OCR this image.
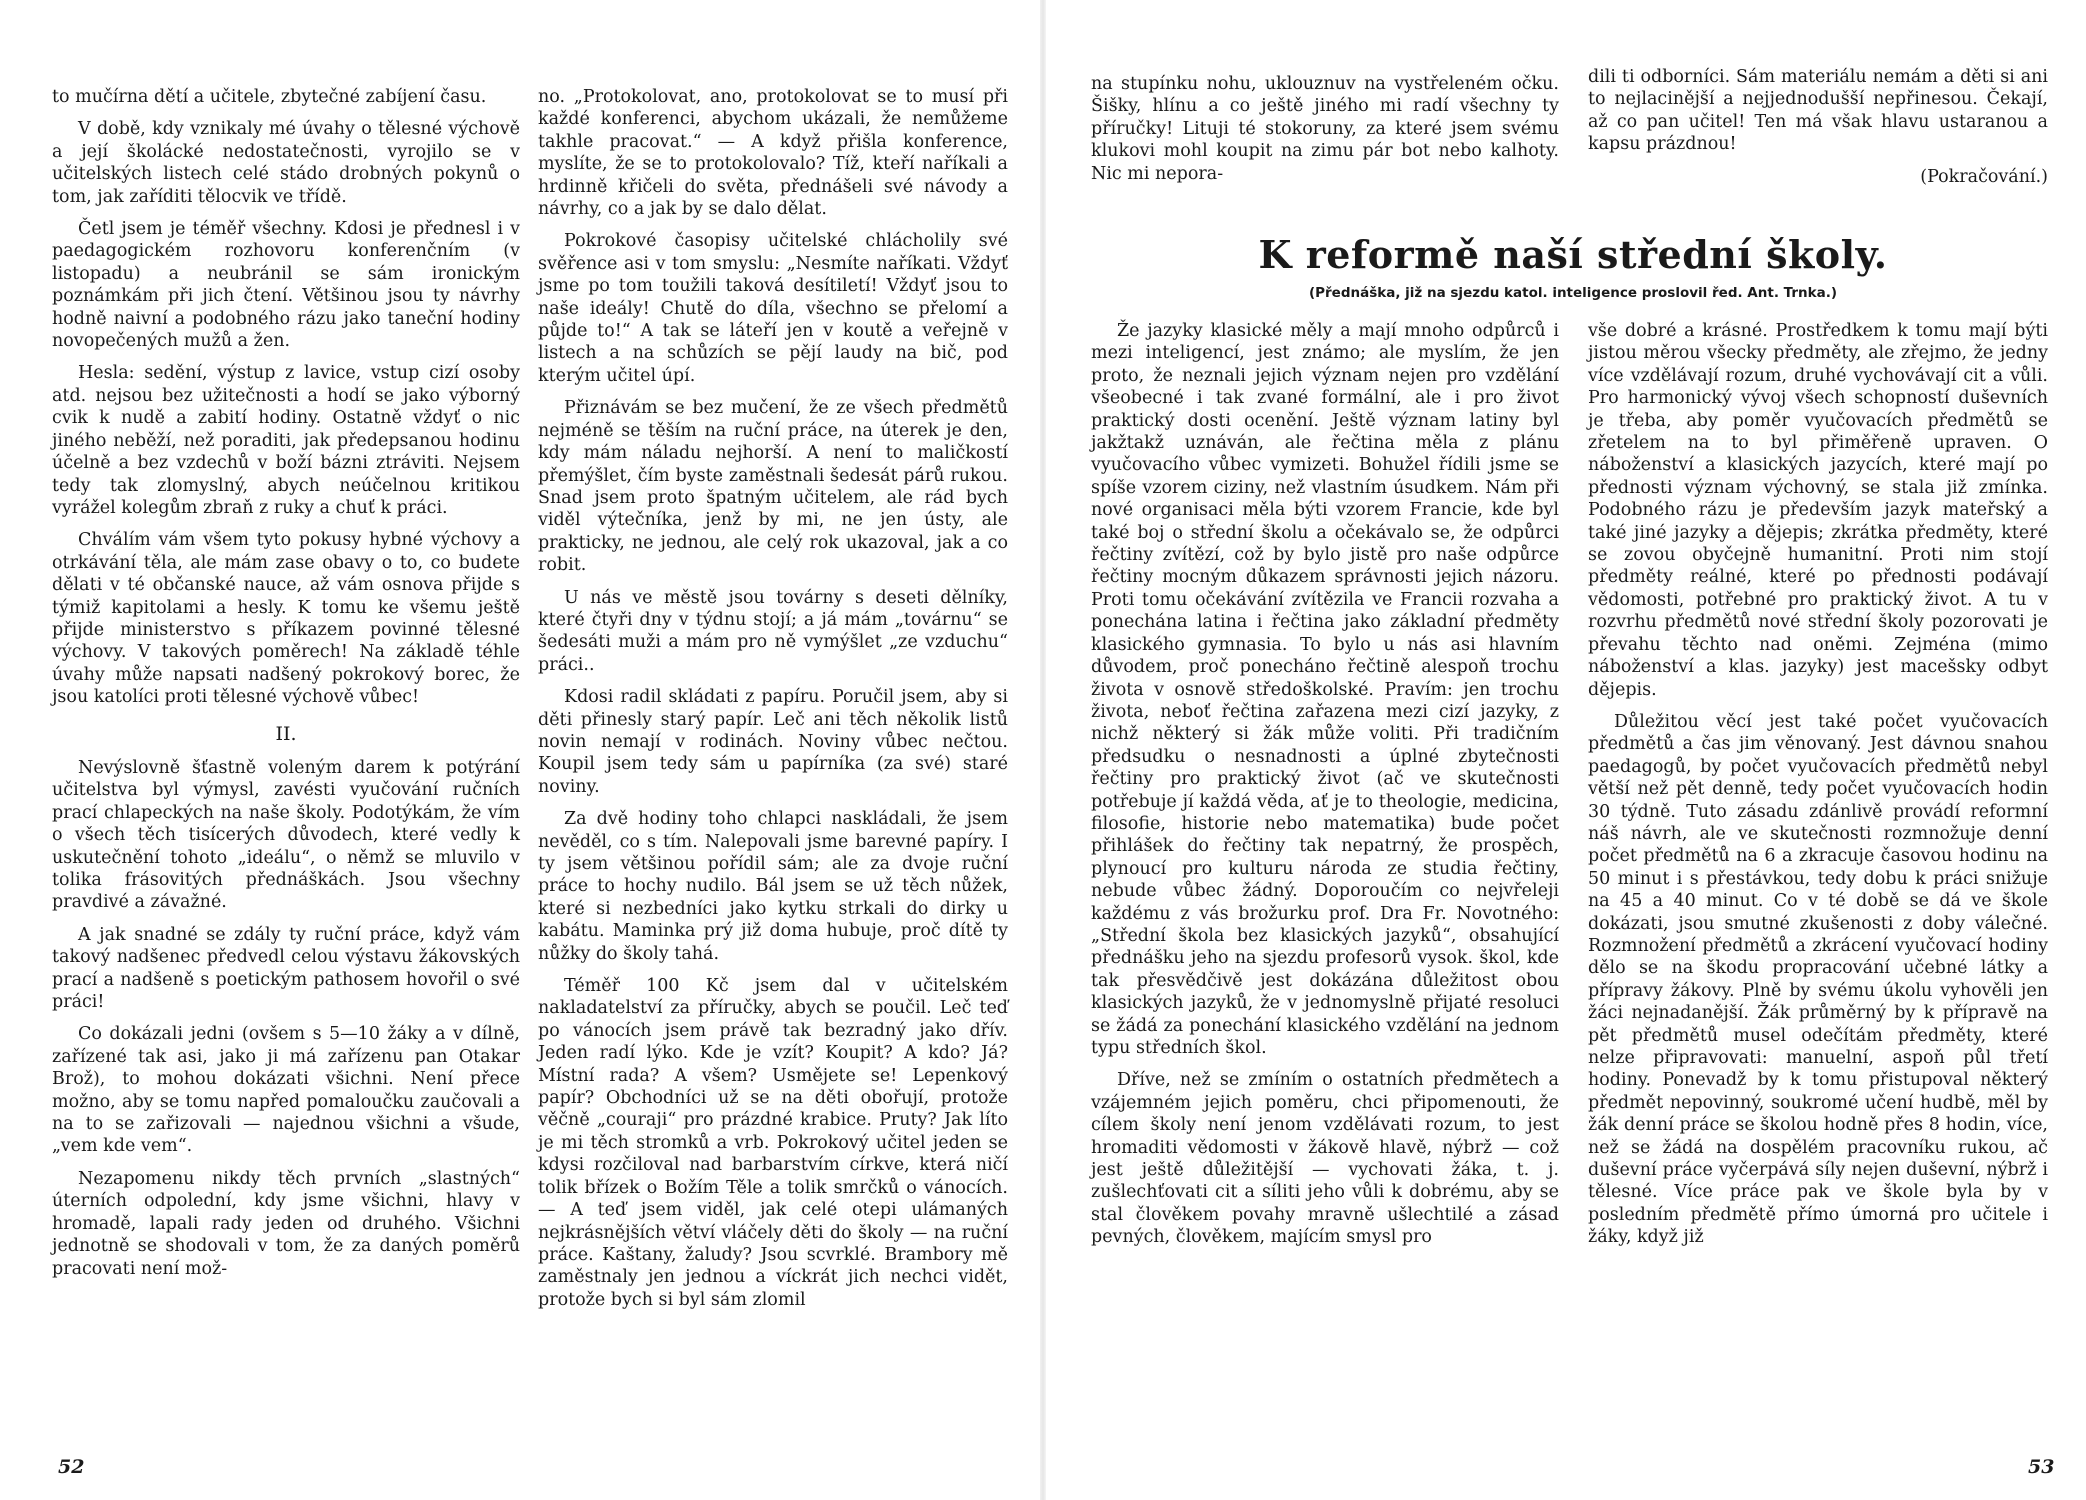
to mučírna dětí a učitele, zbytečné zabíjení času.

V době, kdy vznikaly mé úvahy o tělesné výchově a její školácké nedostatečnosti, vyrojilo se v učitelských listech celé stádo drobných pokynů o tom, jak zaříditi tělocvik ve třídě.

Četl jsem je téměř všechny. Kdosi je přednesl i v paedagogickém rozhovoru konferenčním (v listopadu) a neubránil se sám ironickým poznámkám při jich čtení. Většinou jsou ty návrhy hodně naivní a podobného rázu jako taneční hodiny novopečených mužů a žen.

Hesla: sedění, výstup z lavice, vstup cizí osoby atd. nejsou bez užitečnosti a hodí se jako výborný cvik k nudě a zabití hodiny. Ostatně vždyť o nic jiného neběží, než poraditi, jak předepsanou hodinu účelně a bez vzdechů v boží bázni ztráviti. Nejsem tedy tak zlomyslný, abych neúčelnou kritikou vyrážel kolegům zbraň z ruky a chuť k práci.

Chválím vám všem tyto pokusy hybné výchovy a otrkávání těla, ale mám zase obavy o to, co budete dělati v té občanské nauce, až vám osnova přijde s týmiž kapitolami a hesly. K tomu ke všemu ještě přijde ministerstvo s příkazem povinné tělesné výchovy. V takových poměrech! Na základě téhle úvahy může napsati nadšený pokrokový borec, že jsou katolíci proti tělesné výchově vůbec!

II.

Nevýslovně šťastně voleným darem k potýrání učitelstva byl výmysl, zavésti vyučování ručních prací chlapeckých na naše školy. Podotýkám, že vím o všech těch tisícerých důvodech, které vedly k uskutečnění tohoto „ideálu“, o němž se mluvilo v tolika frásovitých přednáškách. Jsou všechny pravdivé a závažné.

A jak snadné se zdály ty ruční práce, když vám takový nadšenec předvedl celou výstavu žákovských prací a nadšeně s poetickým pathosem hovořil o své práci!

Co dokázali jedni (ovšem s 5—10 žáky a v dílně, zařízené tak asi, jako ji má zařízenu pan Otakar Brož), to mohou dokázati všichni. Není přece možno, aby se tomu napřed pomaloučku zaučovali a na to se zařizovali — najednou všichni a všude, „vem kde vem“.

Nezapomenu nikdy těch prvních „slastných“ úterních odpolední, kdy jsme všichni, hlavy v hromadě, lapali rady jeden od druhého. Všichni jednotně se shodovali v tom, že za daných poměrů pracovati není mož-

no. „Protokolovat, ano, protokolovat se to musí při každé konferenci, abychom ukázali, že nemůžeme takhle pracovat.“ — A když přišla konference, myslíte, že se to protokolovalo? Tíž, kteří naříkali a hrdinně křičeli do světa, přednášeli své návody a návrhy, co a jak by se dalo dělat.

Pokrokové časopisy učitelské chlácholily své svěřence asi v tom smyslu: „Nesmíte naříkati. Vždyť jsme po tom toužili taková desítiletí! Vždyť jsou to naše ideály! Chutě do díla, všechno se přelomí a půjde to!“ A tak se láteří jen v koutě a veřejně v listech a na schůzích se pějí laudy na bič, pod kterým učitel úpí.

Přiznávám se bez mučení, že ze všech předmětů nejméně se těším na ruční práce, na úterek je den, kdy mám náladu nejhorší. A není to maličkostí přemýšlet, čím byste zaměstnali šedesát párů rukou. Snad jsem proto špatným učitelem, ale rád bych viděl výtečníka, jenž by mi, ne jen ústy, ale prakticky, ne jednou, ale celý rok ukazoval, jak a co robit.

U nás ve městě jsou továrny s deseti dělníky, které čtyři dny v týdnu stojí; a já mám „továrnu“ se šedesáti muži a mám pro ně vymýšlet „ze vzduchu“ práci..

Kdosi radil skládati z papíru. Poručil jsem, aby si děti přinesly starý papír. Leč ani těch několik listů novin nemají v rodinách. Noviny vůbec nečtou. Koupil jsem tedy sám u papírníka (za své) staré noviny.

Za dvě hodiny toho chlapci naskládali, že jsem nevěděl, co s tím. Nalepovali jsme barevné papíry. I ty jsem většinou pořídil sám; ale za dvoje ruční práce to hochy nudilo. Bál jsem se už těch nůžek, které si nezbedníci jako kytku strkali do dirky u kabátu. Maminka prý již doma hubuje, proč dítě ty nůžky do školy tahá.

Téměř 100 Kč jsem dal v učitelském nakladatelství za příručky, abych se poučil. Leč teď po vánocích jsem právě tak bezradný jako dřív. Jeden radí lýko. Kde je vzít? Koupit? A kdo? Já? Místní rada? A všem? Usmějete se! Lepenkový papír? Obchodníci už se na děti obořují, protože věčně „couraji“ pro prázdné krabice. Pruty? Jak líto je mi těch stromků a vrb. Pokrokový učitel jeden se kdysi rozčiloval nad barbarstvím církve, která ničí tolik břízek o Božím Těle a tolik smrčků o vánocích. — A teď jsem viděl, jak celé otepi ulámaných nejkrásnějších větví vláčely děti do školy — na ruční práce. Kaštany, žaludy? Jsou scvrklé. Brambory mě zaměstnaly jen jednou a víckrát jich nechci vidět, protože bych si byl sám zlomil

52

na stupínku nohu, uklouznuv na vystřeleném očku. Šišky, hlínu a co ještě jiného mi radí všechny ty příručky! Lituji té stokoruny, za které jsem svému klukovi mohl koupit na zimu pár bot nebo kalhoty. Nic mi nepora-

dili ti odborníci. Sám materiálu nemám a děti si ani to nejlacinější a nejjednodušší nepřinesou. Čekají, až co pan učitel! Ten má však hlavu ustaranou a kapsu prázdnou!

(Pokračování.)

K reformě naší střední školy.
(Přednáška, již na sjezdu katol. inteligence proslovil řed. Ant. Trnka.)

Že jazyky klasické měly a mají mnoho odpůrců i mezi inteligencí, jest známo; ale myslím, že jen proto, že neznali jejich význam nejen pro vzdělání všeobecné i tak zvané formální, ale i pro život praktický dosti ocenění. Ještě význam latiny byl jakžtakž uznáván, ale řečtina měla z plánu vyučovacího vůbec vymizeti. Bohužel řídili jsme se spíše vzorem ciziny, než vlastním úsudkem. Nám při nové organisaci měla býti vzorem Francie, kde byl také boj o střední školu a očekávalo se, že odpůrci řečtiny zvítězí, což by bylo jistě pro naše odpůrce řečtiny mocným důkazem správnosti jejich názoru. Proti tomu očekávání zvítězila ve Francii rozvaha a ponechána latina i řečtina jako základní předměty klasického gymnasia. To bylo u nás asi hlavním důvodem, proč ponecháno řečtině alespoň trochu života v osnově středoškolské. Pravím: jen trochu života, neboť řečtina zařazena mezi cizí jazyky, z nichž některý si žák může voliti. Při tradičním předsudku o nesnadnosti a úplné zbytečnosti řečtiny pro praktický život (ač ve skutečnosti potřebuje jí každá věda, ať je to theologie, medicina, filosofie, historie nebo matematika) bude počet přihlášek do řečtiny tak nepatrný, že prospěch, plynoucí pro kulturu národa ze studia řečtiny, nebude vůbec žádný. Doporoučím co nejvřeleji každému z vás brožurku prof. Dra Fr. Novotného: „Střední škola bez klasických jazyků“, obsahující přednášku jeho na sjezdu profesorů vysok. škol, kde tak přesvědčivě jest dokázána důležitost obou klasických jazyků, že v jednomyslně přijaté resoluci se žádá za ponechání klasického vzdělání na jednom typu středních škol.

Dříve, než se zmíním o ostatních předmětech a vzájemném jejich poměru, chci připomenouti, že cílem školy není jenom vzdělávati rozum, to jest hromaditi vědomosti v žákově hlavě, nýbrž — což jest ještě důležitější — vychovati žáka, t. j. zušlechťovati cit a síliti jeho vůli k dobrému, aby se stal člověkem povahy mravně ušlechtilé a zásad pevných, člověkem, majícím smysl pro

vše dobré a krásné. Prostředkem k tomu mají býti jistou měrou všecky předměty, ale zřejmo, že jedny více vzdělávají rozum, druhé vychovávají cit a vůli. Pro harmonický vývoj všech schopností duševních je třeba, aby poměr vyučovacích předmětů se zřetelem na to byl přiměřeně upraven. O náboženství a klasických jazycích, které mají po přednosti význam výchovný, se stala již zmínka. Podobného rázu je především jazyk mateřský a také jiné jazyky a dějepis; zkrátka předměty, které se zovou obyčejně humanitní. Proti nim stojí předměty reálné, které po přednosti podávají vědomosti, potřebné pro praktický život. A tu v rozvrhu předmětů nové střední školy pozorovati je převahu těchto nad oněmi. Zejména (mimo náboženství a klas. jazyky) jest macešsky odbyt dějepis.

Důležitou věcí jest také počet vyučovacích předmětů a čas jim věnovaný. Jest dávnou snahou paedagogů, by počet vyučovacích předmětů nebyl větší než pět denně, tedy počet vyučovacích hodin 30 týdně. Tuto zásadu zdánlivě provádí reformní náš návrh, ale ve skutečnosti rozmnožuje denní počet předmětů na 6 a zkracuje časovou hodinu na 50 minut i s přestávkou, tedy dobu k práci snižuje na 45 a 40 minut. Co v té době se dá ve škole dokázati, jsou smutné zkušenosti z doby válečné. Rozmnožení předmětů a zkrácení vyučovací hodiny dělo se na škodu propracování učebné látky a přípravy žákovy. Plně by svému úkolu vyhověli jen žáci nejnadanější. Žák průměrný by k přípravě na pět předmětů musel odečítám předměty, které nelze připravovati: manuelní, aspoň půl třetí hodiny. Ponevadž by k tomu přistupoval některý předmět nepovinný, soukromé učení hudbě, měl by žák denní práce se školou hodně přes 8 hodin, více, než se žádá na dospělém pracovníku rukou, ač duševní práce vyčerpává síly nejen duševní, nýbrž i tělesné. Více práce pak ve škole byla by v posledním předmětě přímo úmorná pro učitele i žáky, když již

53
